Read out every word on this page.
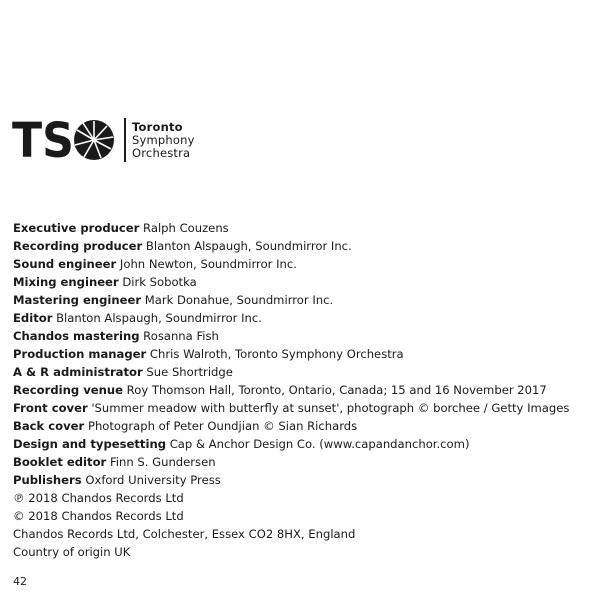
TS	Toronto
Symphony
Orchestra
Executive producer Ralph Couzens
Recording producer Blanton Alspaugh, Soundmirror Inc.
Sound engineer John Newton, Soundmirror Inc.
Mixing engineer Dirk Sobotka
Mastering engineer Mark Donahue, Soundmirror Inc.
Editor Blanton Alspaugh, Soundmirror Inc.
Chandos mastering Rosanna Fish
Production manager Chris Walroth, Toronto Symphony Orchestra
A & R administrator Sue Shortridge
Recording venue Roy Thomson Hall, Toronto, Ontario, Canada; 15 and 16 November 2017
Front cover 'Summer meadow with butterfly at sunset', photograph © borchee / Getty Images
Back cover Photograph of Peter Oundjian © Sian Richards
Design and typesetting Cap & Anchor Design Co. (www.capandanchor.com)
Booklet editor Finn S. Gundersen
Publishers Oxford University Press
℗ 2018 Chandos Records Ltd
© 2018 Chandos Records Ltd
Chandos Records Ltd, Colchester, Essex CO2 8HX, England
Country of origin UK
42
